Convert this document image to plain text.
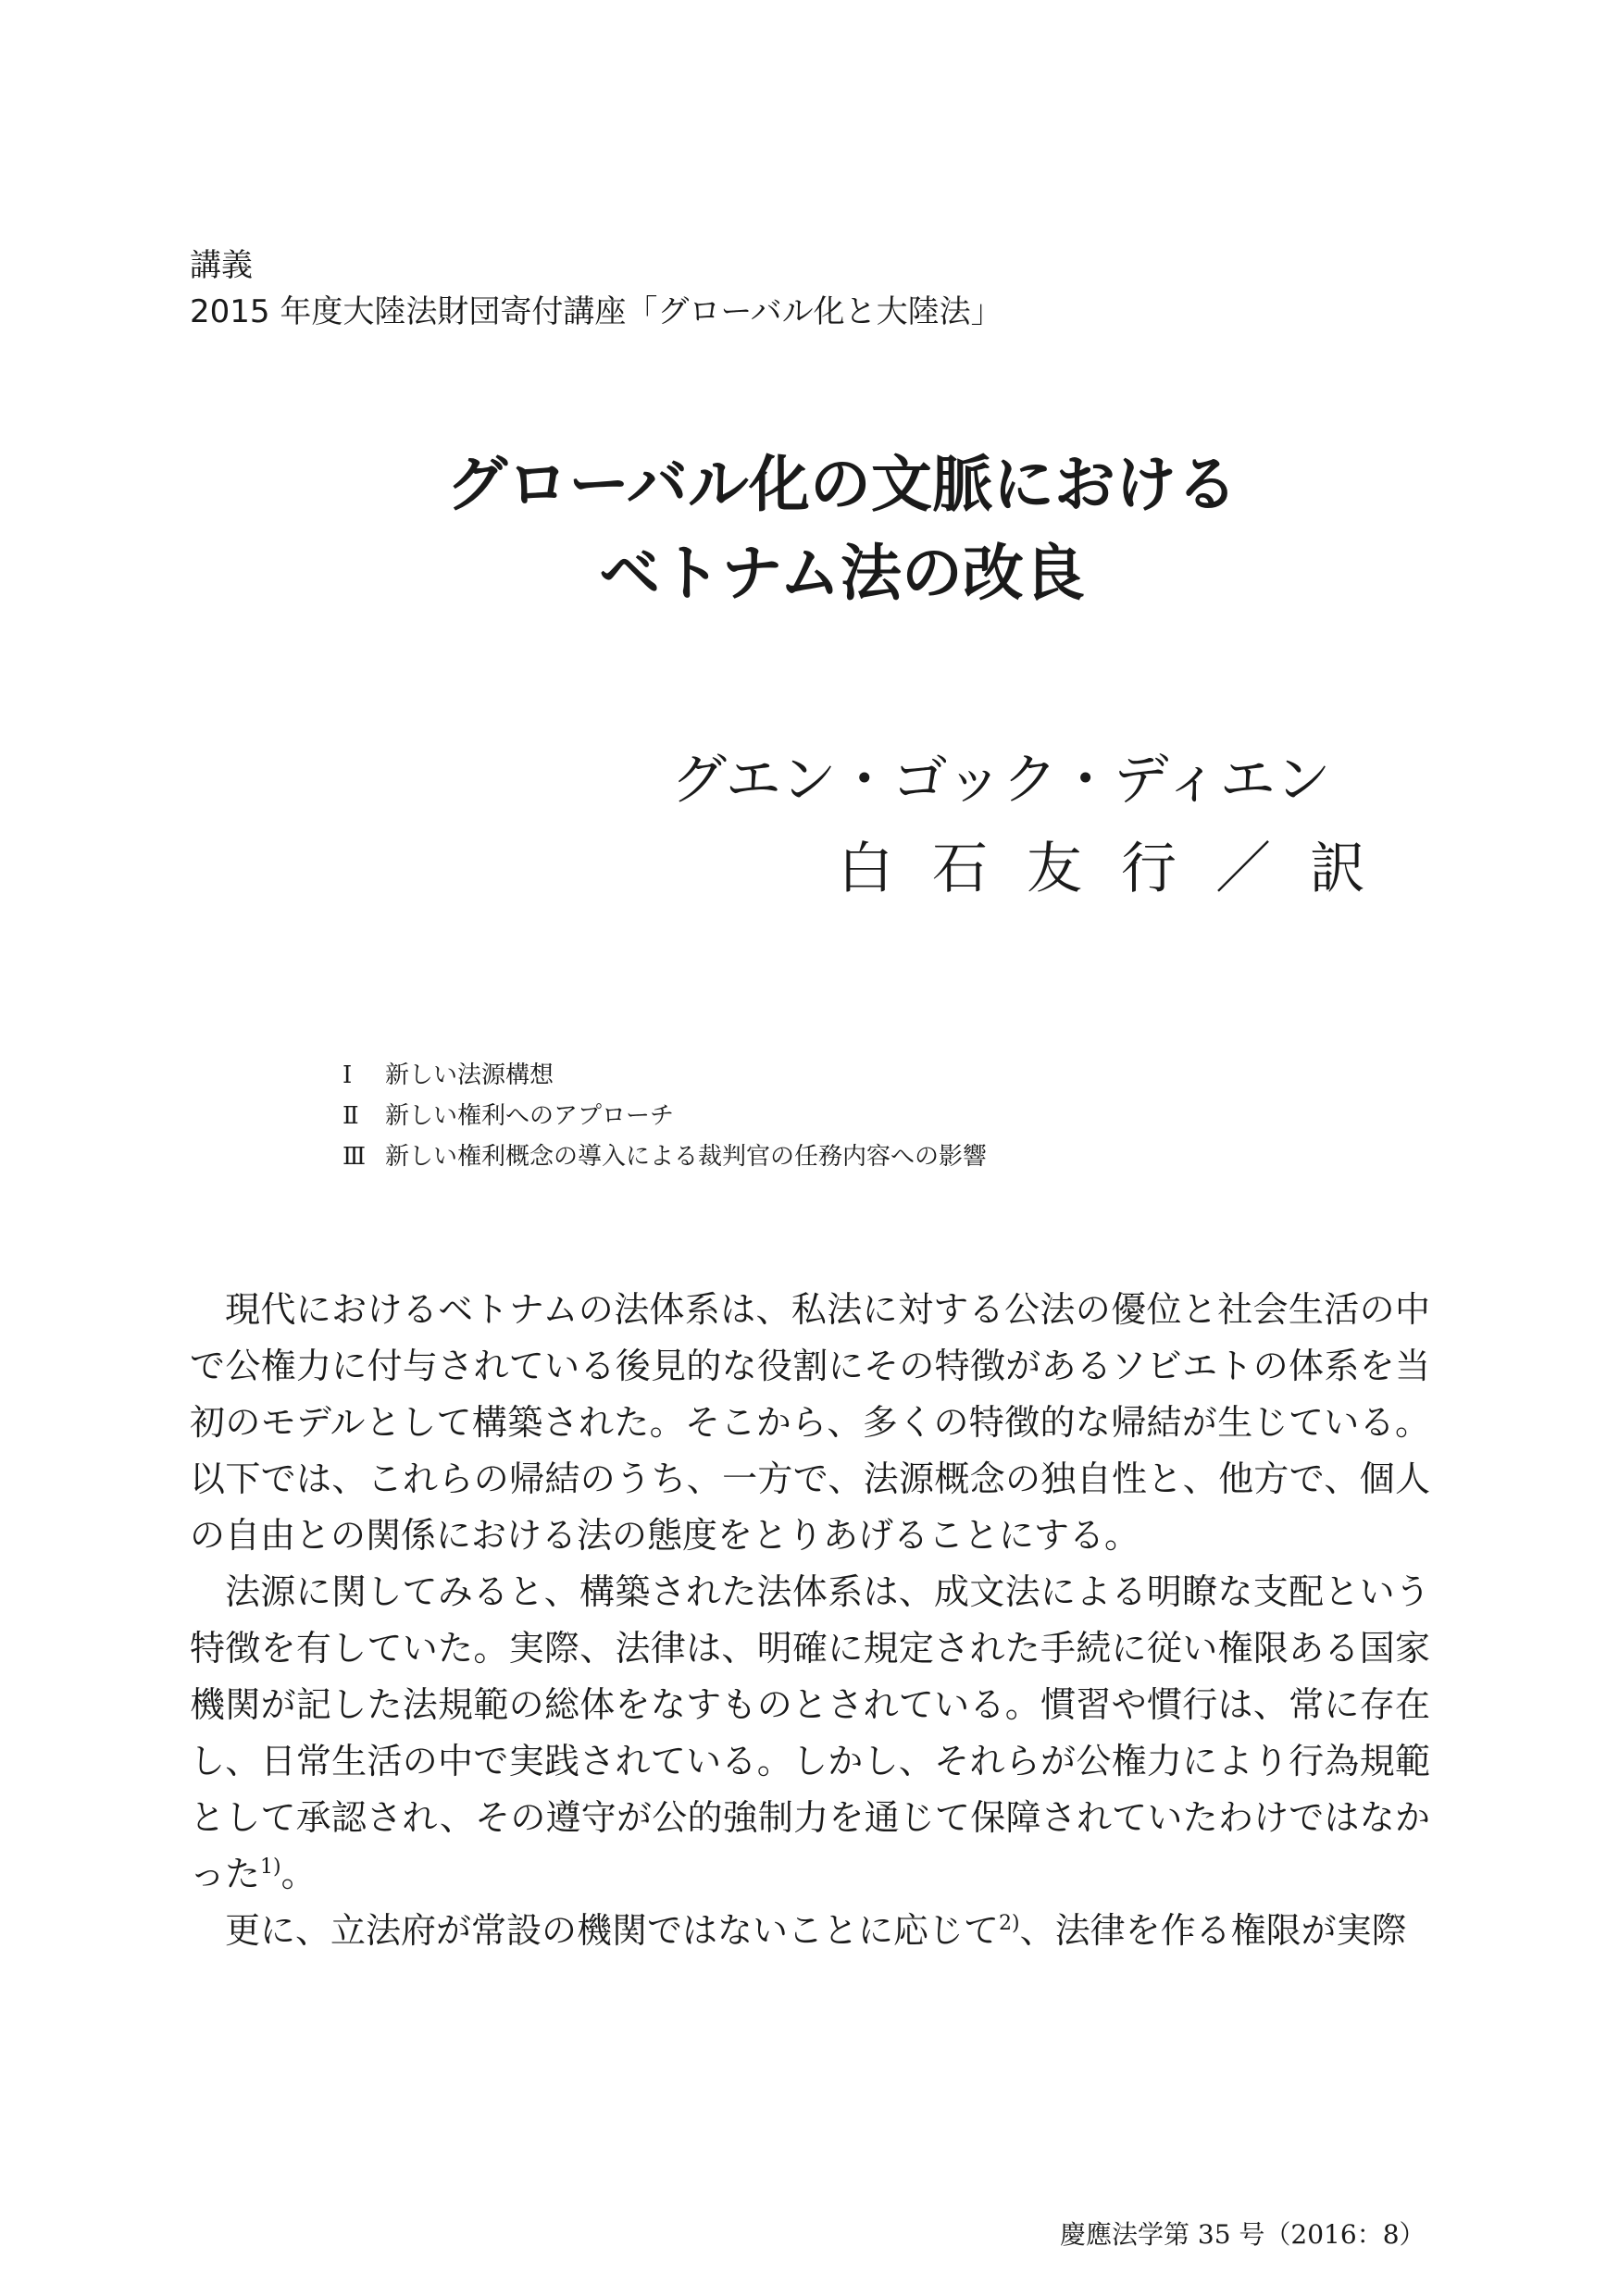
講義
2015 年度大陸法財団寄付講座「グローバル化と大陸法」
グローバル化の文脈における
ベトナム法の改良
グエン・ゴック・ディエン
白石友行／訳
Ⅰ	新しい法源構想
Ⅱ	新しい権利へのアプローチ
Ⅲ 新しい権利概念の導入による裁判官の任務内容への影響

現代におけるベトナムの法体系は、私法に対する公法の優位と社会生活の中で公権力に付与されている後見的な役割にその特徴があるソビエトの体系を当初のモデルとして構築された。そこから、多くの特徴的な帰結が生じている。以下では、これらの帰結のうち、一方で、法源概念の独自性と、他方で、個人の自由との関係における法の態度をとりあげることにする。

法源に関してみると、構築された法体系は、成文法による明瞭な支配という特徴を有していた。実際、法律は、明確に規定された手続に従い権限ある国家機関が記した法規範の総体をなすものとされている。慣習や慣行は、常に存在し、日常生活の中で実践されている。しかし、それらが公権力により行為規範として承認され、その遵守が公的強制力を通じて保障されていたわけではなかった$^{1)}$。

更に、立法府が常設の機関ではないことに応じて$^{2)}$、法律を作る権限が実際

慶應法学第 35 号（2016：8）
